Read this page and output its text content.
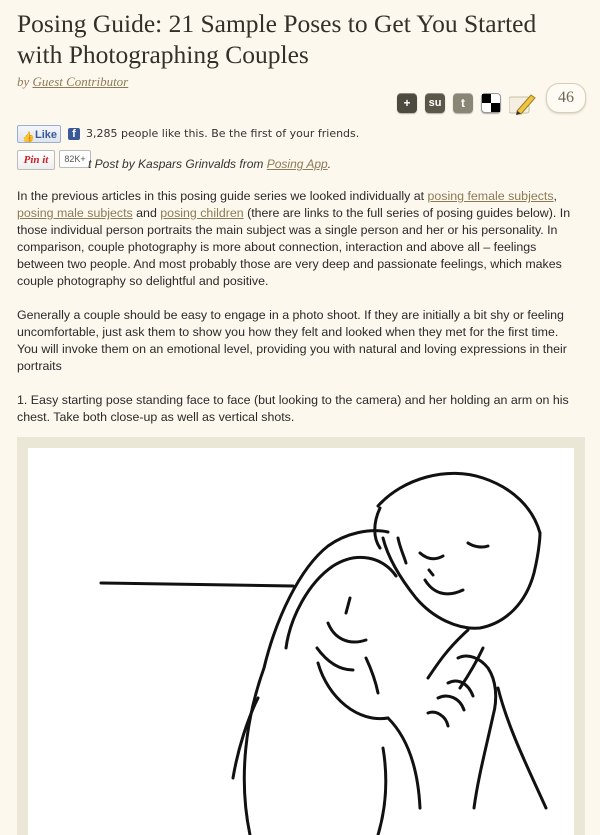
Posing Guide: 21 Sample Poses to Get You Started with Photographing Couples
by Guest Contributor
+	su	t	46
👍 Like	f 3,285 people like this. Be the first of your friends.
Pin it	82K+ t Post by Kaspars Grinvalds from Posing App.

In the previous articles in this posing guide series we looked individually at posing female subjects, posing male subjects and posing children (there are links to the full series of posing guides below). In those individual person portraits the main subject was a single person and her or his personality. In comparison, couple photography is more about connection, interaction and above all – feelings between two people. And most probably those are very deep and passionate feelings, which makes couple photography so delightful and positive.

Generally a couple should be easy to engage in a photo shoot. If they are initially a bit shy or feeling uncomfortable, just ask them to show you how they felt and looked when they met for the first time. You will invoke them on an emotional level, providing you with natural and loving expressions in their portraits

1. Easy starting pose standing face to face (but looking to the camera) and her holding an arm on his chest. Take both close-up as well as vertical shots.
